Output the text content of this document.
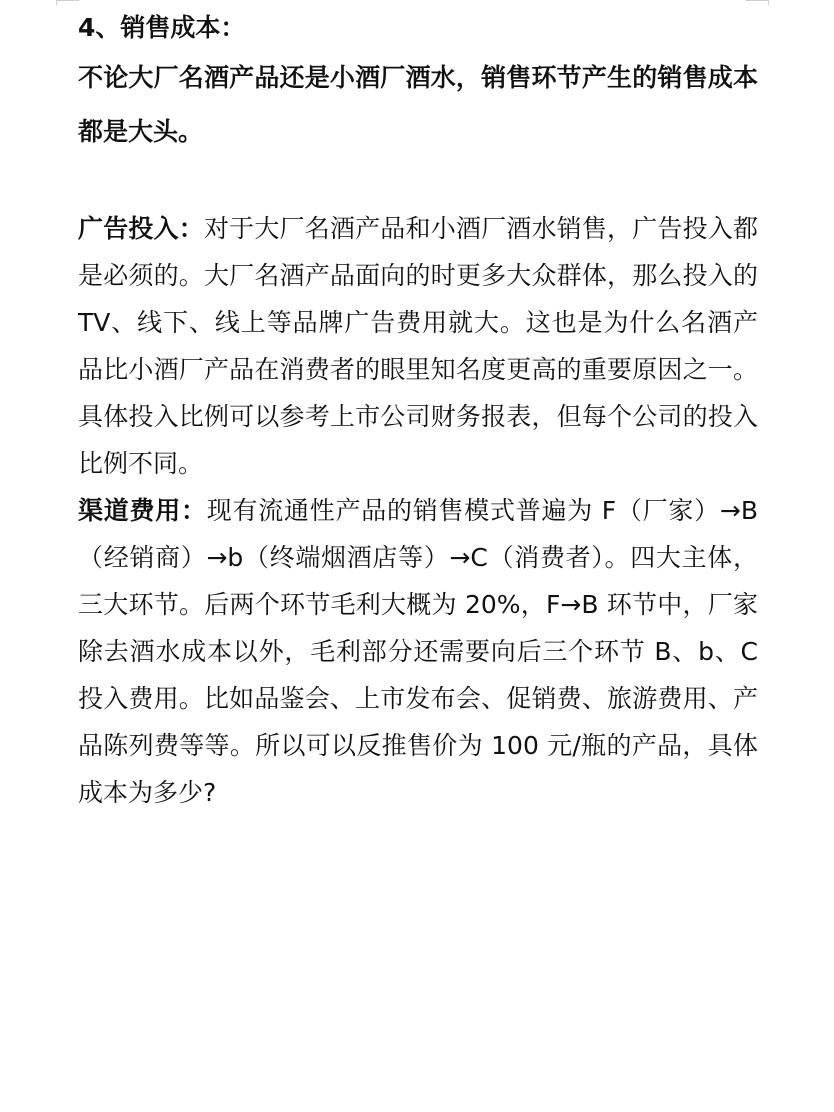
4、销售成本：

不论大厂名酒产品还是小酒厂酒水，销售环节产生的销售成本都是大头。

广告投入：对于大厂名酒产品和小酒厂酒水销售，广告投入都是必须的。大厂名酒产品面向的时更多大众群体，那么投入的 TV、线下、线上等品牌广告费用就大。这也是为什么名酒产品比小酒厂产品在消费者的眼里知名度更高的重要原因之一。具体投入比例可以参考上市公司财务报表，但每个公司的投入比例不同。

渠道费用：现有流通性产品的销售模式普遍为 F（厂家）→B（经销商）→b（终端烟酒店等）→C（消费者）。四大主体，三大环节。后两个环节毛利大概为 20%，F→B 环节中，厂家除去酒水成本以外，毛利部分还需要向后三个环节 B、b、C 投入费用。比如品鉴会、上市发布会、促销费、旅游费用、产品陈列费等等。所以可以反推售价为 100 元/瓶的产品，具体成本为多少?
